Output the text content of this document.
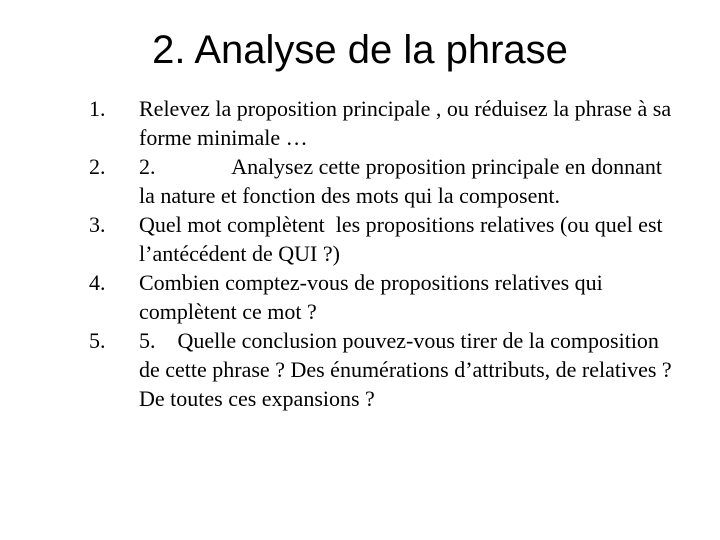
2. Analyse de la phrase
1.	Relevez la proposition principale , ou réduisez la phrase à sa forme minimale …
2.	2.              Analysez cette proposition principale en donnant la nature et fonction des mots qui la composent.
3.	Quel mot complètent  les propositions relatives (ou quel est l’antécédent de QUI ?)
4.	Combien comptez-vous de propositions relatives qui complètent ce mot ?
5.	5.    Quelle conclusion pouvez-vous tirer de la composition de cette phrase ? Des énumérations d’attributs, de relatives ? De toutes ces expansions ?
